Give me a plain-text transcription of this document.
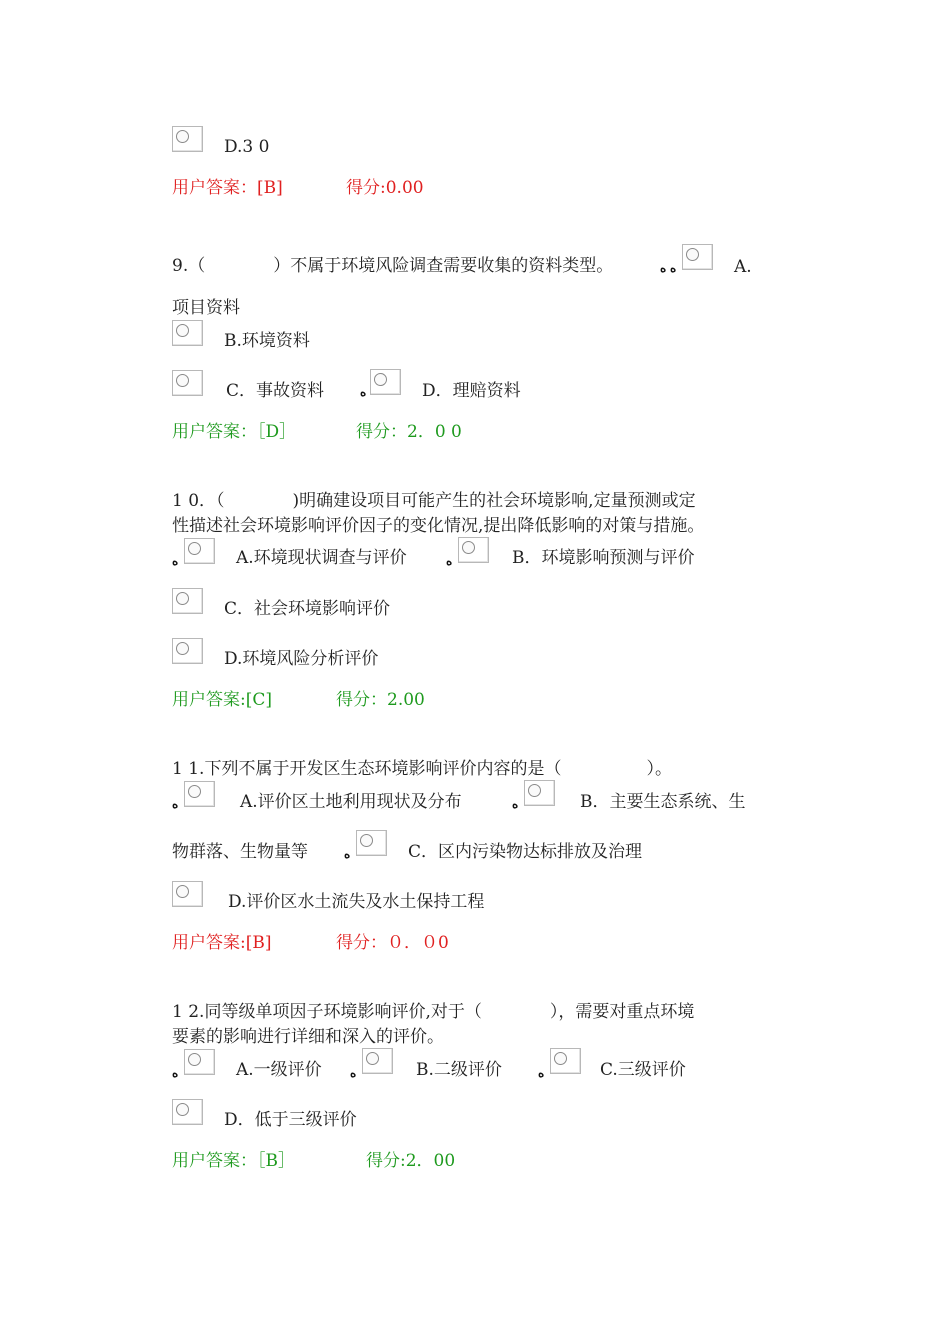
D.3 0
用户答案：[B]	得分:0.00
9.（　　　　）不属于环境风险调查需要收集的资料类型。	ه ه	A.
项目资料
B.环境资料
C．事故资料	ه	D．理赔资料
用户答案：［D］	得分：2．0 0
1 0．（　　　　)明确建设项目可能产生的社会环境影响,定量预测或定
性描述社会环境影响评价因子的变化情况,提出降低影响的对策与措施。
ه	A.环境现状调查与评价	ه	B．环境影响预测与评价
C．社会环境影响评价
D.环境风险分析评价
用户答案:[C]	得分：2.00
1 1.下列不属于开发区生态环境影响评价内容的是（　　　　　）。
ه	A.评价区土地利用现状及分布	ه	B．主要生态系统、生
物群落、生物量等	ه	C．区内污染物达标排放及治理
D.评价区水土流失及水土保持工程
用户答案:[B]	得分：０．０0
1 2.同等级单项因子环境影响评价,对于（　　　　），需要对重点环境
要素的影响进行详细和深入的评价。
ه	A.一级评价 ه	B.二级评价	ه	C.三级评价
D．低于三级评价
用户答案：［B］	得分:2．00
